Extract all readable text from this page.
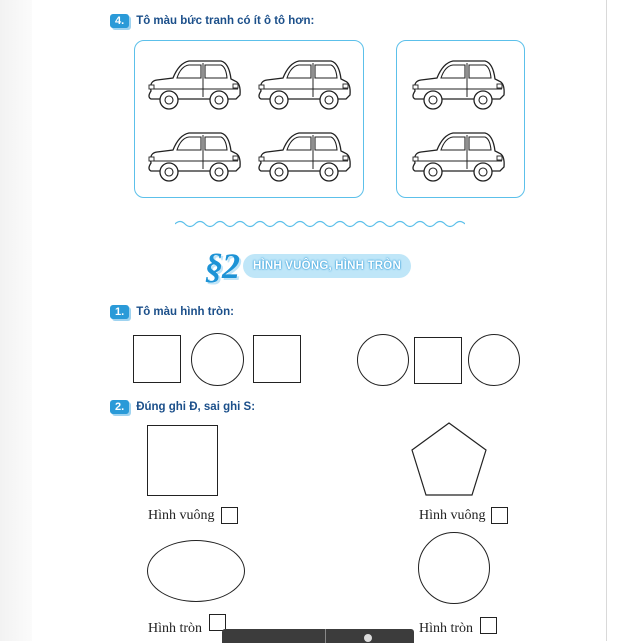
4.	Tô màu bức tranh có ít ô tô hơn:
§2	HÌNH VUÔNG, HÌNH TRÒN
1.	Tô màu hình tròn:
2.	Đúng ghi Đ, sai ghi S:
Hình vuông	Hình vuông
Hình tròn	Hình tròn
